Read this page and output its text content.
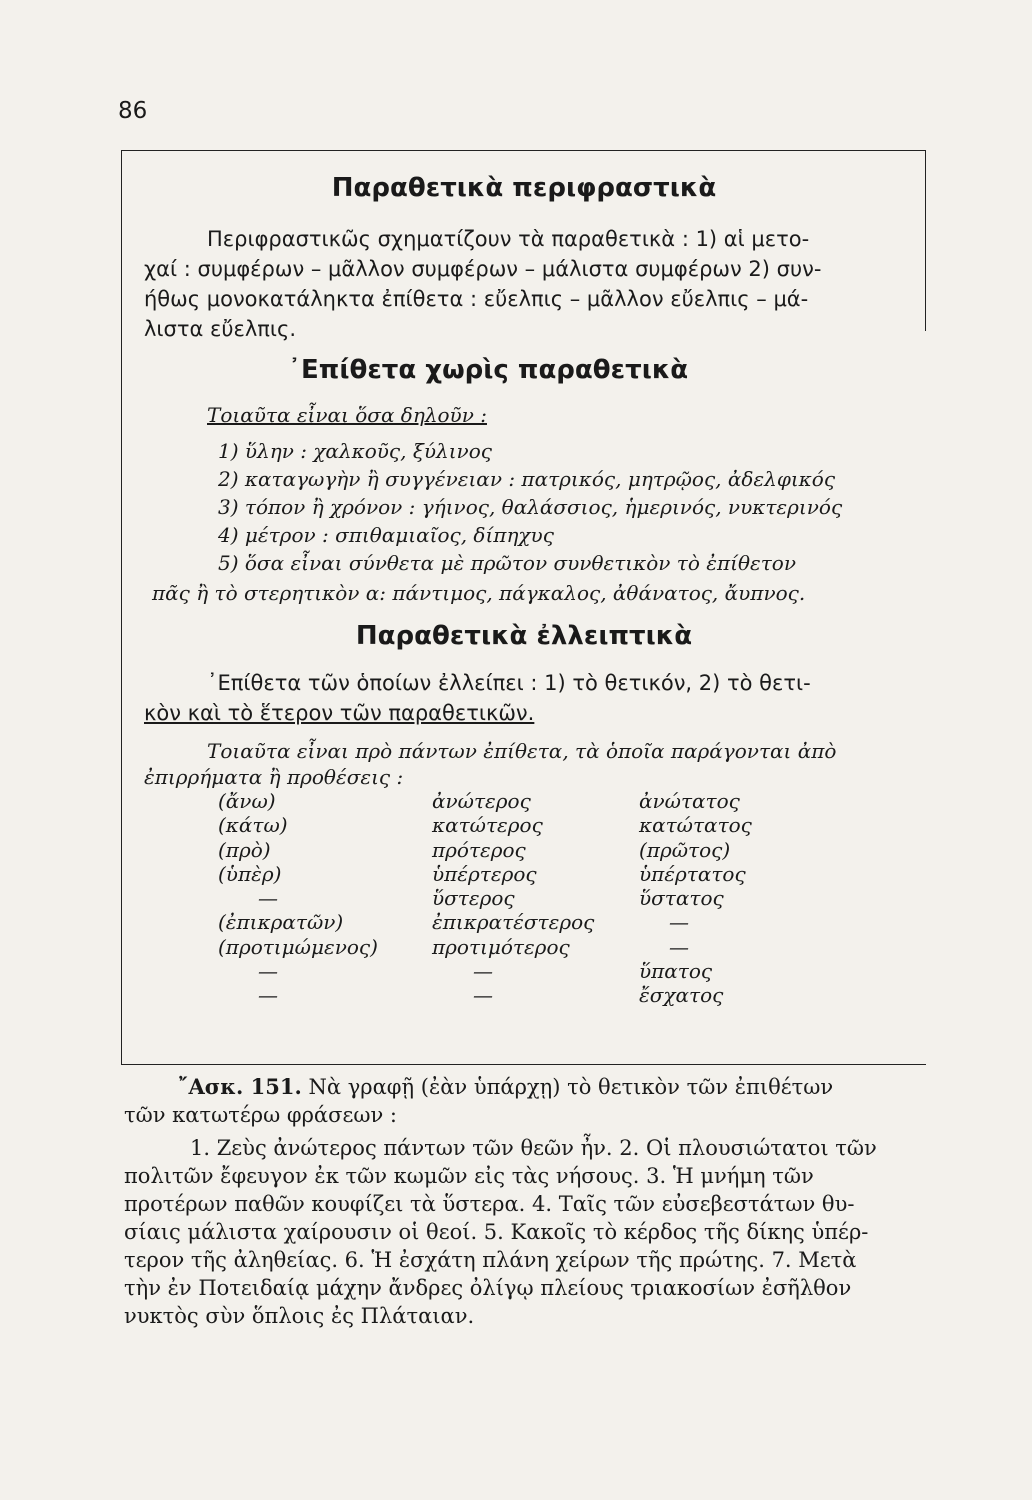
86
Παραθετικὰ περιφραστικὰ
Περιφραστικῶς σχηματίζουν τὰ παραθετικὰ : 1) αἱ μετο-
χαί : συμφέρων – μᾶλλον συμφέρων – μάλιστα συμφέρων 2) συν-
ήθως μονοκατάληκτα ἐπίθετα : εὔελπις – μᾶλλον εὔελπις – μά-
λιστα εὔελπις.
᾿Επίθετα χωρὶς παραθετικὰ
Τοιαῦτα εἶναι ὅσα δηλοῦν :
1) ὕλην : χαλκοῦς, ξύλινος
2) καταγωγὴν ἢ συγγένειαν : πατρικός, μητρῷος, ἀδελφικός
3) τόπον ἢ χρόνον : γήινος, θαλάσσιος, ἡμερινός, νυκτερινός
4) μέτρον : σπιθαμιαῖος, δίπηχυς
5) ὅσα εἶναι σύνθετα μὲ πρῶτον συνθετικὸν τὸ ἐπίθετον
πᾶς ἢ τὸ στερητικὸν α: πάντιμος, πάγκαλος, ἀθάνατος, ἄυπνος.
Παραθετικὰ ἐλλειπτικὰ
᾿Επίθετα τῶν ὁποίων ἐλλείπει : 1) τὸ θετικόν, 2) τὸ θετι-
κὸν καὶ τὸ ἕτερον τῶν παραθετικῶν.
Τοιαῦτα εἶναι πρὸ πάντων ἐπίθετα, τὰ ὁποῖα παράγονται ἀπὸ
ἐπιρρήματα ἢ προθέσεις :
(ἄνω)	ἀνώτερος	ἀνώτατος
(κάτω)	κατώτερος	κατώτατος
(πρὸ)	πρότερος	(πρῶτος)
(ὑπὲρ)	ὑπέρτερος	ὑπέρτατος
—	ὕστερος	ὕστατος
(ἐπικρατῶν)	ἐπικρατέστερος	—
(προτιμώμενος)	προτιμότερος	—
—	—	ὕπατος
—	—	ἔσχατος
῎Ασκ. 151. Νὰ γραφῇ (ἐὰν ὑπάρχῃ) τὸ θετικὸν τῶν ἐπιθέτων
τῶν κατωτέρω φράσεων :
1. Ζεὺς ἀνώτερος πάντων τῶν θεῶν ἦν. 2. Οἱ πλουσιώτατοι τῶν
πολιτῶν ἔφευγον ἐκ τῶν κωμῶν εἰς τὰς νήσους. 3. Ἡ μνήμη τῶν
προτέρων παθῶν κουφίζει τὰ ὕστερα. 4. Ταῖς τῶν εὐσεβεστάτων θυ-
σίαις μάλιστα χαίρουσιν οἱ θεοί. 5. Κακοῖς τὸ κέρδος τῆς δίκης ὑπέρ-
τερον τῆς ἀληθείας. 6. Ἡ ἐσχάτη πλάνη χείρων τῆς πρώτης. 7. Μετὰ
τὴν ἐν Ποτειδαίᾳ μάχην ἄνδρες ὀλίγῳ πλείους τριακοσίων ἐσῆλθον
νυκτὸς σὺν ὅπλοις ἐς Πλάταιαν.
